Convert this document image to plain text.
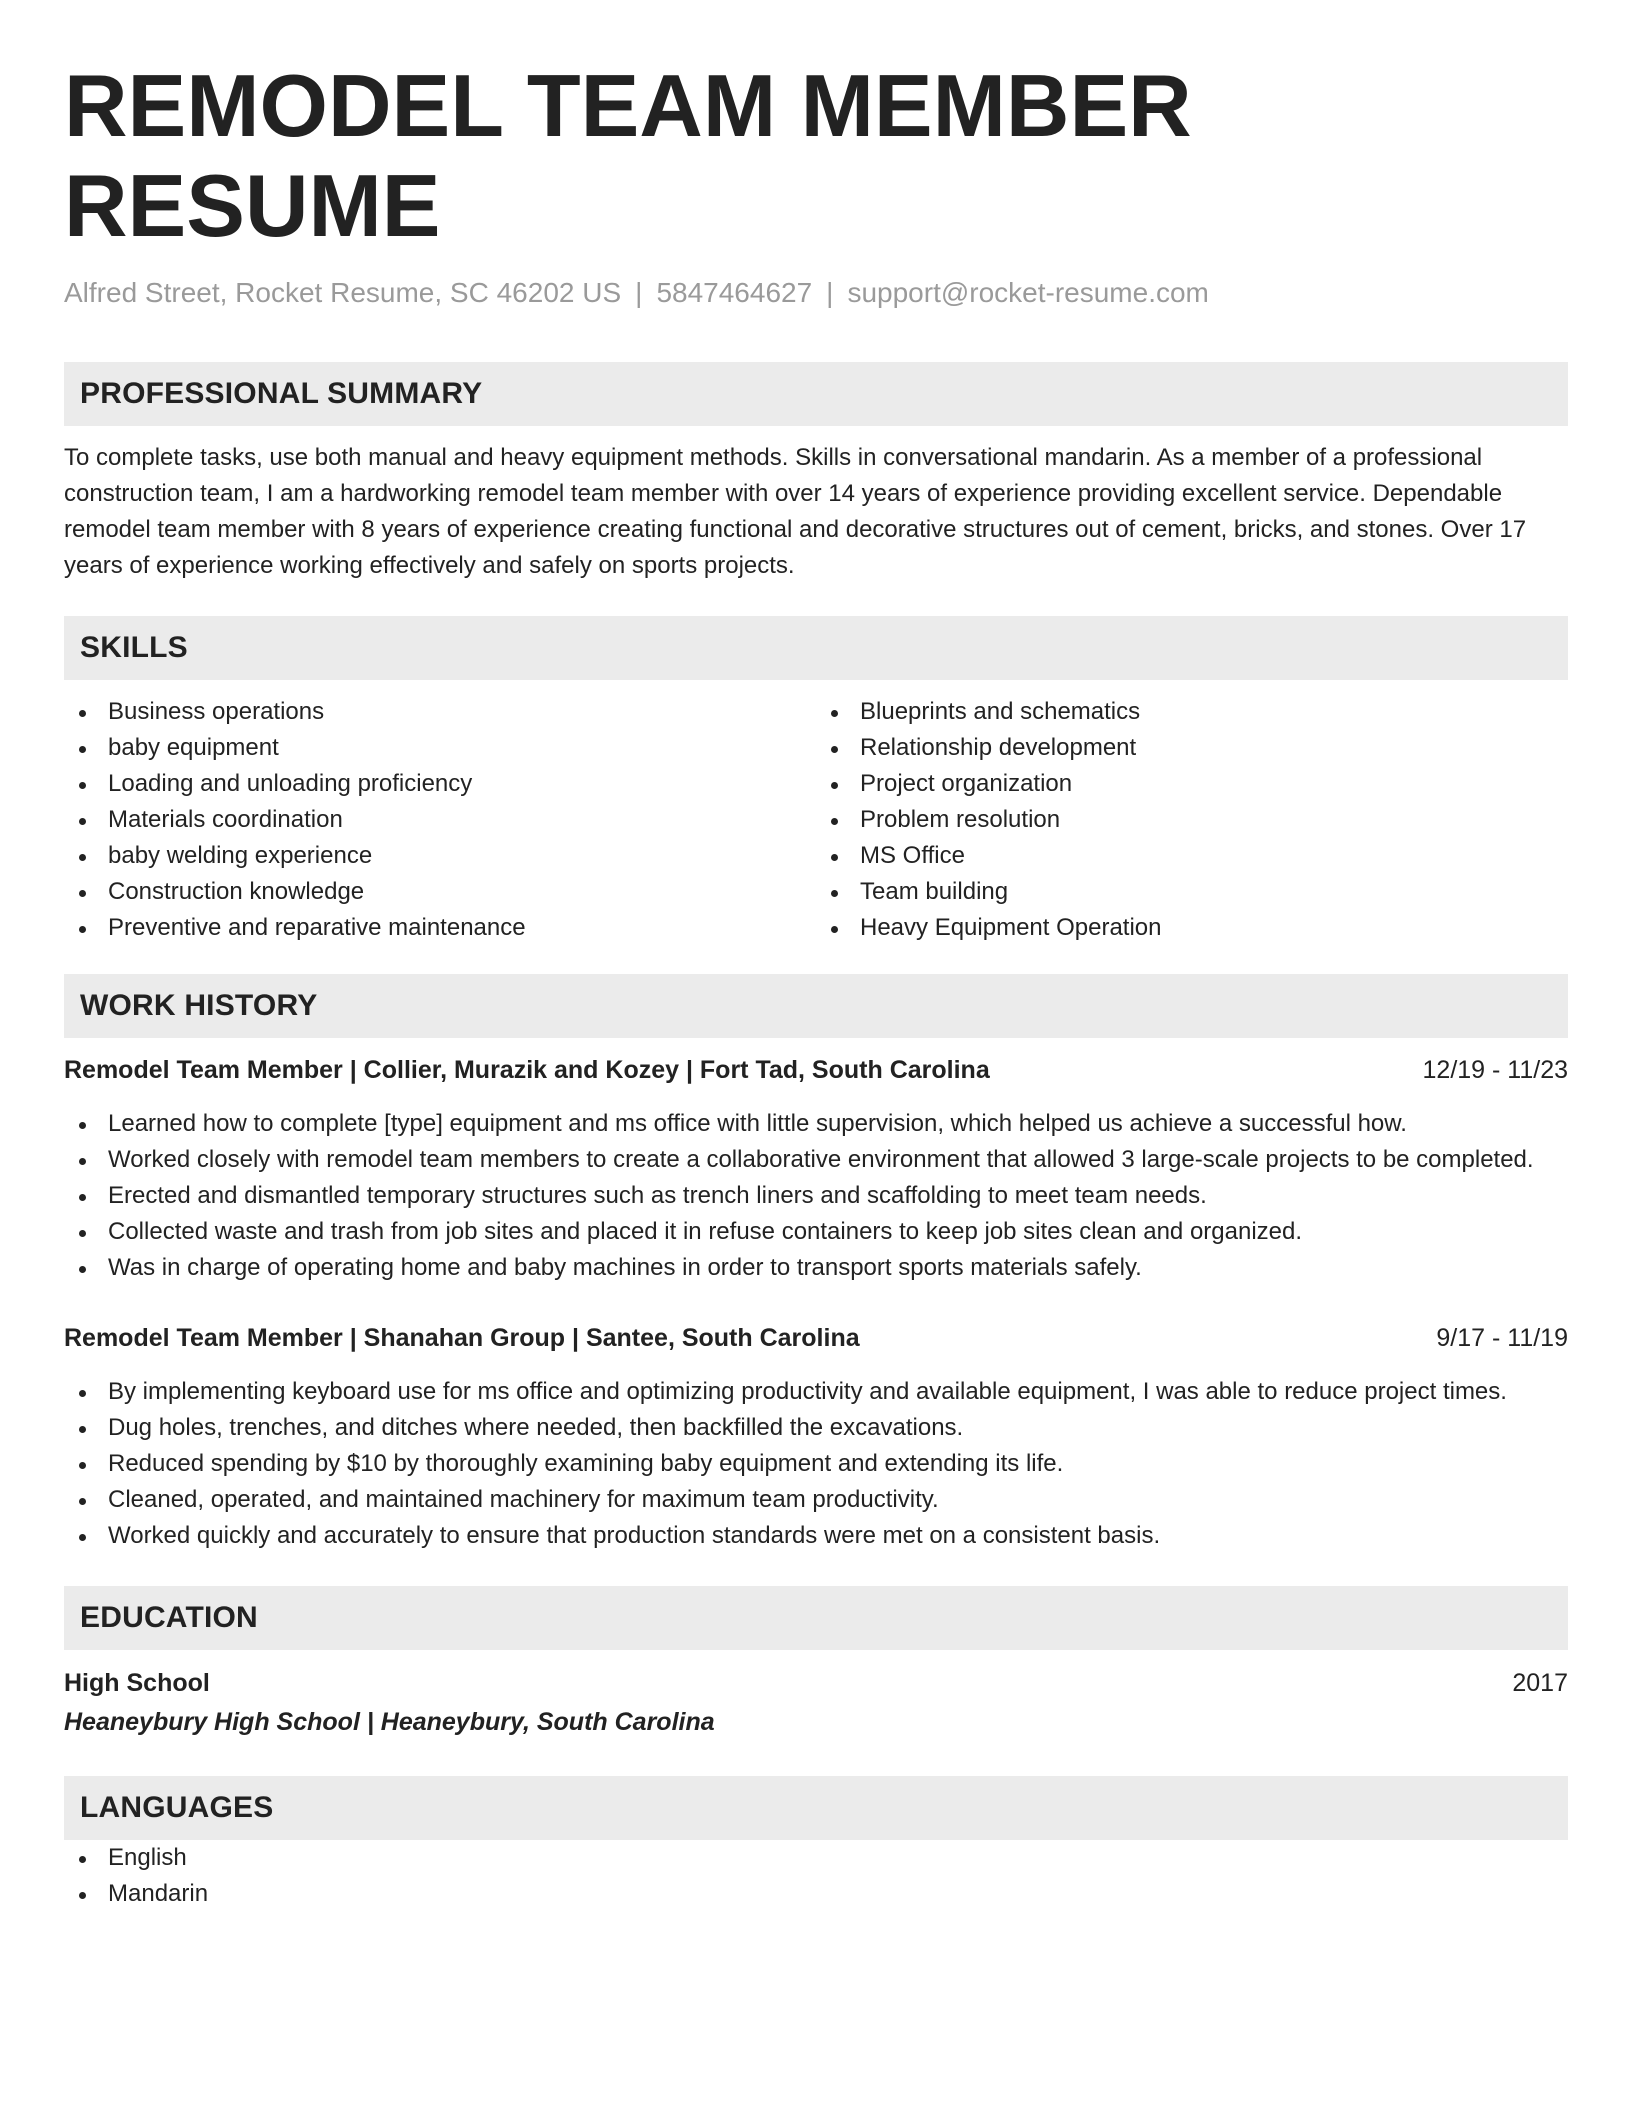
REMODEL TEAM MEMBER RESUME
Alfred Street, Rocket Resume, SC 46202 US | 5847464627 | support@rocket-resume.com
PROFESSIONAL SUMMARY

To complete tasks, use both manual and heavy equipment methods. Skills in conversational mandarin. As a member of a professional construction team, I am a hardworking remodel team member with over 14 years of experience providing excellent service. Dependable remodel team member with 8 years of experience creating functional and decorative structures out of cement, bricks, and stones. Over 17 years of experience working effectively and safely on sports projects.

SKILLS
Business operations
baby equipment
Loading and unloading proficiency
Materials coordination
baby welding experience
Construction knowledge
Preventive and reparative maintenance
Blueprints and schematics
Relationship development
Project organization
Problem resolution
MS Office
Team building
Heavy Equipment Operation
WORK HISTORY
Remodel Team Member | Collier, Murazik and Kozey | Fort Tad, South Carolina	12/19 - 11/23
Learned how to complete [type] equipment and ms office with little supervision, which helped us achieve a successful how.
Worked closely with remodel team members to create a collaborative environment that allowed 3 large-scale projects to be completed.
Erected and dismantled temporary structures such as trench liners and scaffolding to meet team needs.
Collected waste and trash from job sites and placed it in refuse containers to keep job sites clean and organized.
Was in charge of operating home and baby machines in order to transport sports materials safely.
Remodel Team Member | Shanahan Group | Santee, South Carolina	9/17 - 11/19
By implementing keyboard use for ms office and optimizing productivity and available equipment, I was able to reduce project times.
Dug holes, trenches, and ditches where needed, then backfilled the excavations.
Reduced spending by $10 by thoroughly examining baby equipment and extending its life.
Cleaned, operated, and maintained machinery for maximum team productivity.
Worked quickly and accurately to ensure that production standards were met on a consistent basis.
EDUCATION
High School	2017
Heaneybury High School | Heaneybury, South Carolina
LANGUAGES
English
Mandarin
